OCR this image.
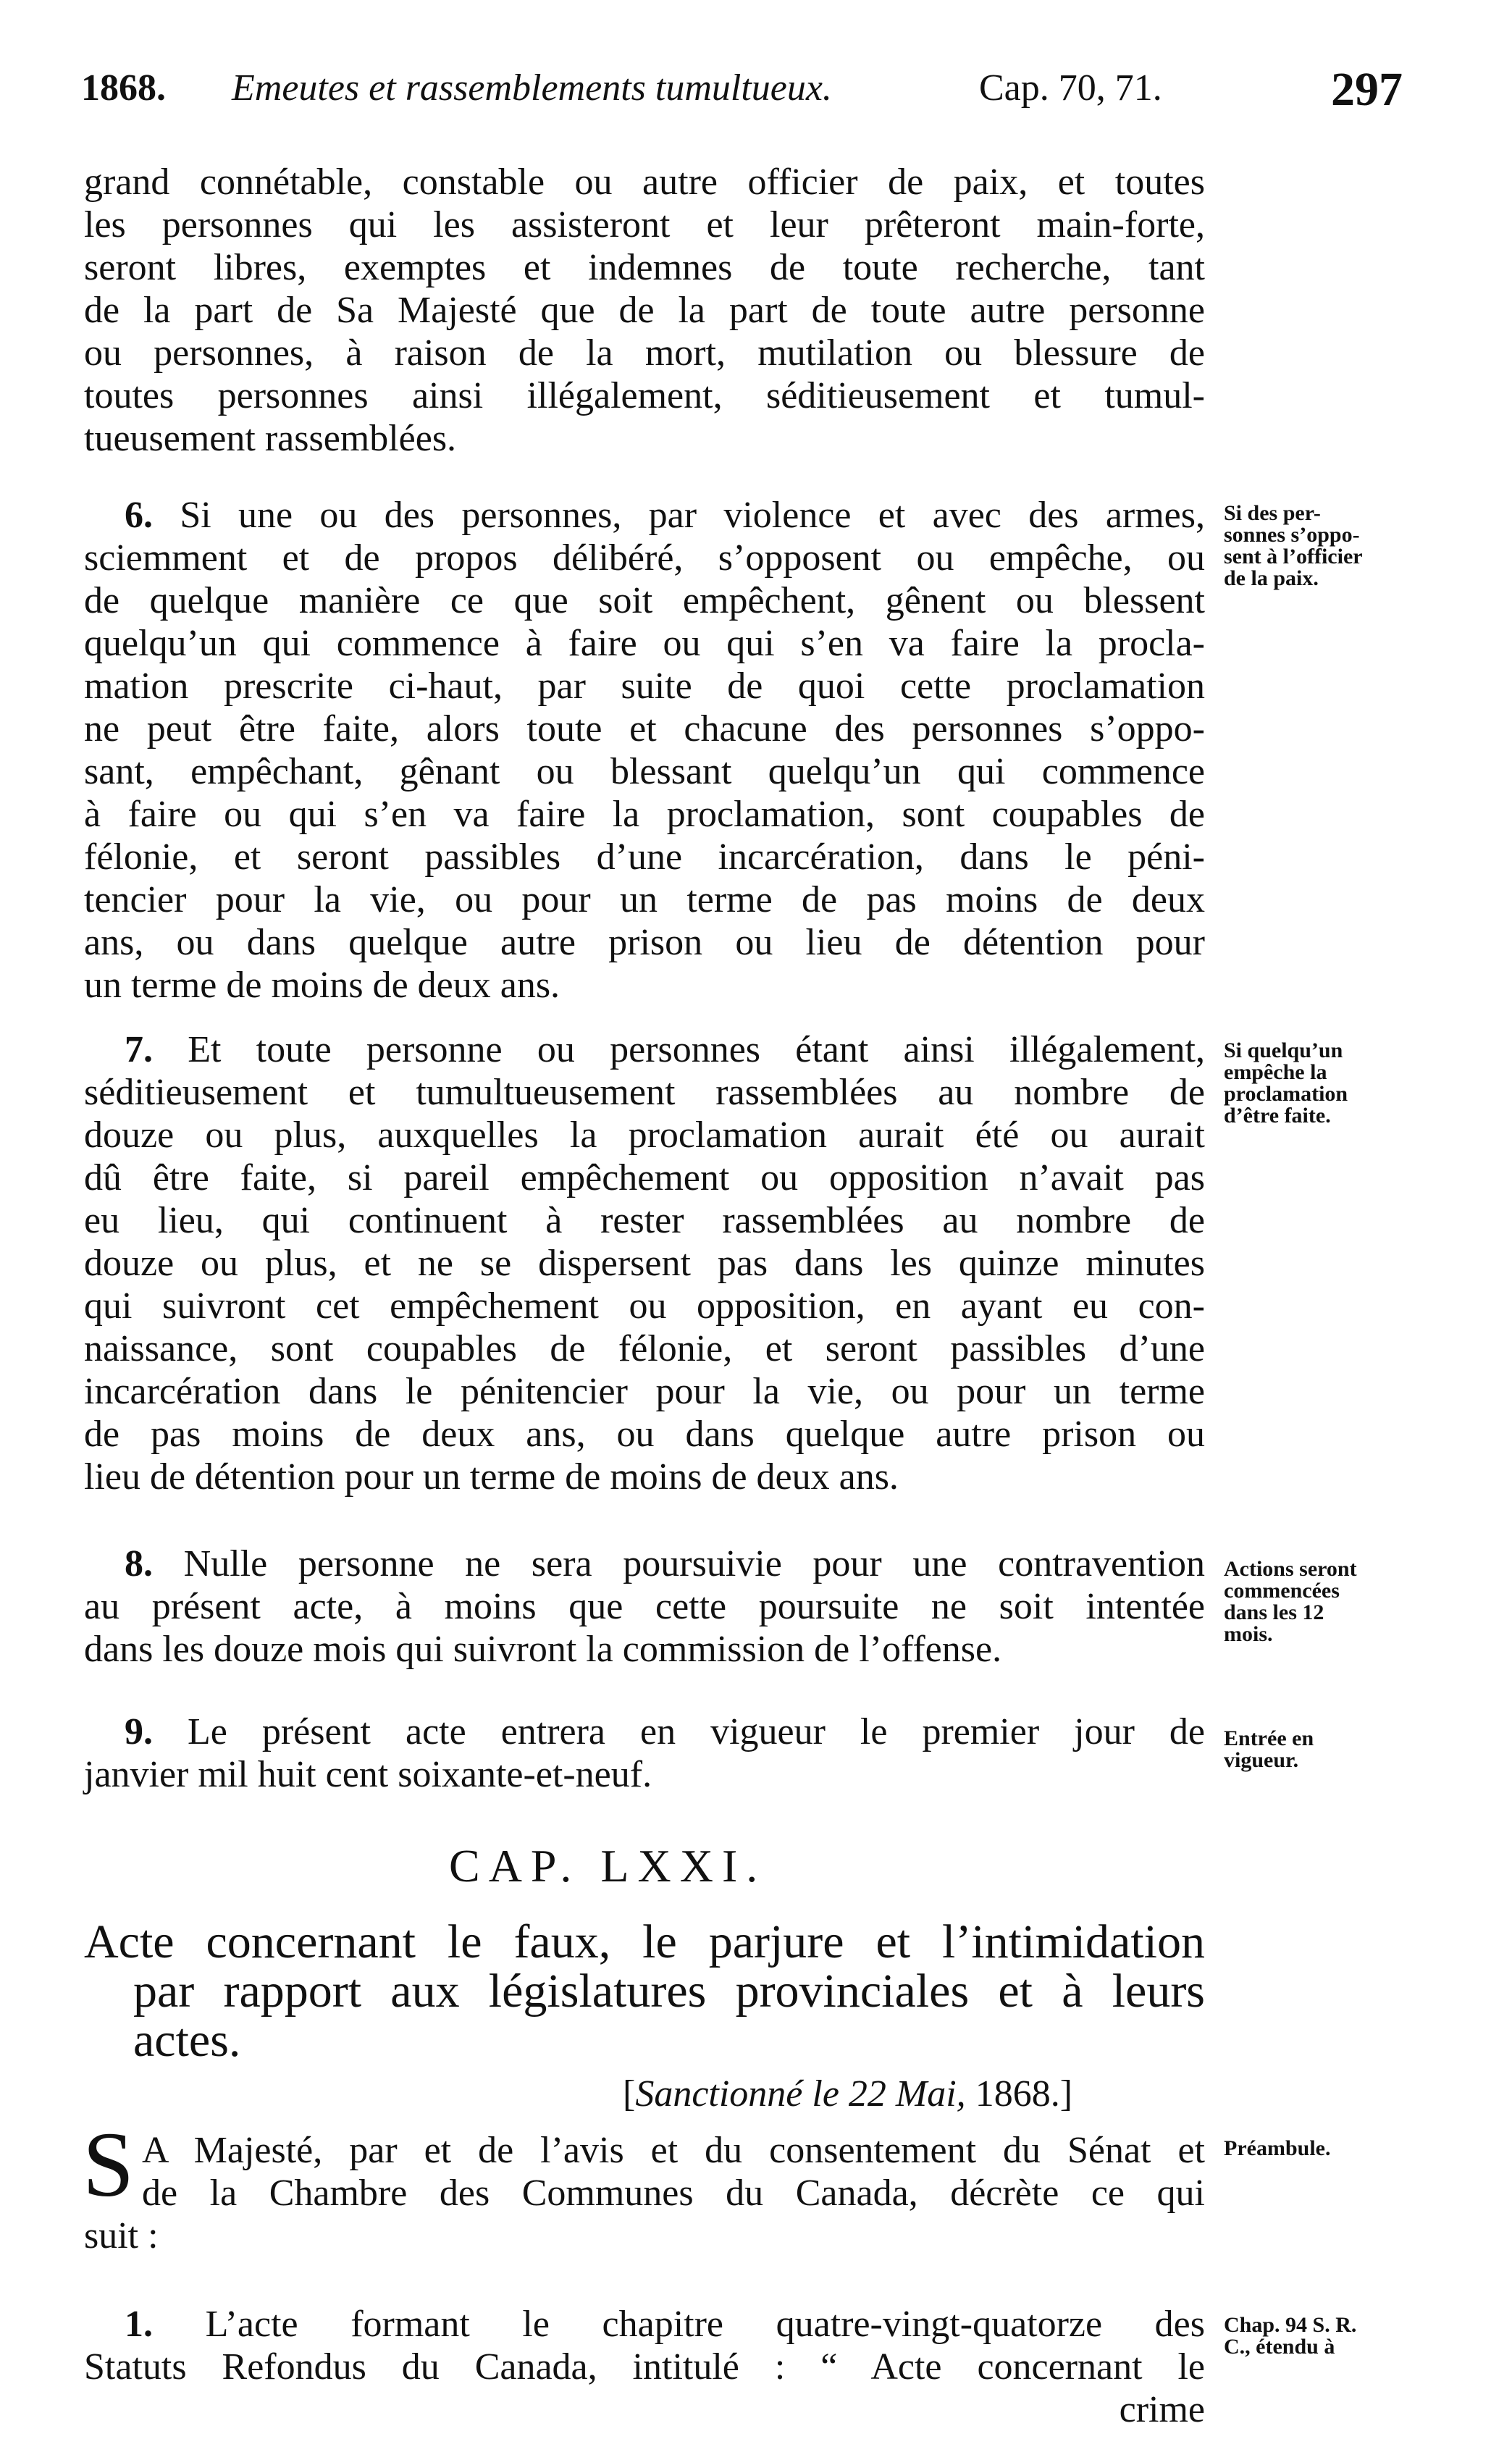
1868. Emeutes et rassemblements tumultueux.	Cap. 70, 71.	297
grand connétable, constable ou autre officier de paix, et toutes
les personnes qui les assisteront et leur prêteront main-forte,
seront libres, exemptes et indemnes de toute recherche, tant
de la part de Sa Majesté que de la part de toute autre personne
ou personnes, à raison de la mort, mutilation ou blessure de
toutes personnes ainsi illégalement, séditieusement et tumul-
tueusement rassemblées.
6. Si une ou des personnes, par violence et avec des armes,
sciemment et de propos délibéré, s’opposent ou empêche, ou
de quelque manière ce que soit empêchent, gênent ou blessent
quelqu’un qui commence à faire ou qui s’en va faire la procla-
mation prescrite ci-haut, par suite de quoi cette proclamation
ne peut être faite, alors toute et chacune des personnes s’oppo-
sant, empêchant, gênant ou blessant quelqu’un qui commence
à faire ou qui s’en va faire la proclamation, sont coupables de
félonie, et seront passibles d’une incarcération, dans le péni-
tencier pour la vie, ou pour un terme de pas moins de deux
ans, ou dans quelque autre prison ou lieu de détention pour
un terme de moins de deux ans.
Si des per-
sonnes s’oppo-
sent à l’officier
de la paix.
7. Et toute personne ou personnes étant ainsi illégalement,
séditieusement et tumultueusement rassemblées au nombre de
douze ou plus, auxquelles la proclamation aurait été ou aurait
dû être faite, si pareil empêchement ou opposition n’avait pas
eu lieu, qui continuent à rester rassemblées au nombre de
douze ou plus, et ne se dispersent pas dans les quinze minutes
qui suivront cet empêchement ou opposition, en ayant eu con-
naissance, sont coupables de félonie, et seront passibles d’une
incarcération dans le pénitencier pour la vie, ou pour un terme
de pas moins de deux ans, ou dans quelque autre prison ou
lieu de détention pour un terme de moins de deux ans.
Si quelqu’un
empêche la
proclamation
d’être faite.
8. Nulle personne ne sera poursuivie pour une contravention
au présent acte, à moins que cette poursuite ne soit intentée
dans les douze mois qui suivront la commission de l’offense.
Actions seront
commencées
dans les 12
mois.
9. Le présent acte entrera en vigueur le premier jour de
janvier mil huit cent soixante-et-neuf.
Entrée en
vigueur.
CAP. LXXI.
Acte concernant le faux, le parjure et l’intimidation
par rapport aux législatures provinciales et à leurs
actes.
[Sanctionné le 22 Mai, 1868.]
S A Majesté, par et de l’avis et du consentement du Sénat et
de la Chambre des Communes du Canada, décrète ce qui
suit :
Préambule.
1. L’acte formant le chapitre quatre-vingt-quatorze des
Statuts Refondus du Canada, intitulé : “ Acte concernant le
crime
Chap. 94 S. R.
C., étendu à
